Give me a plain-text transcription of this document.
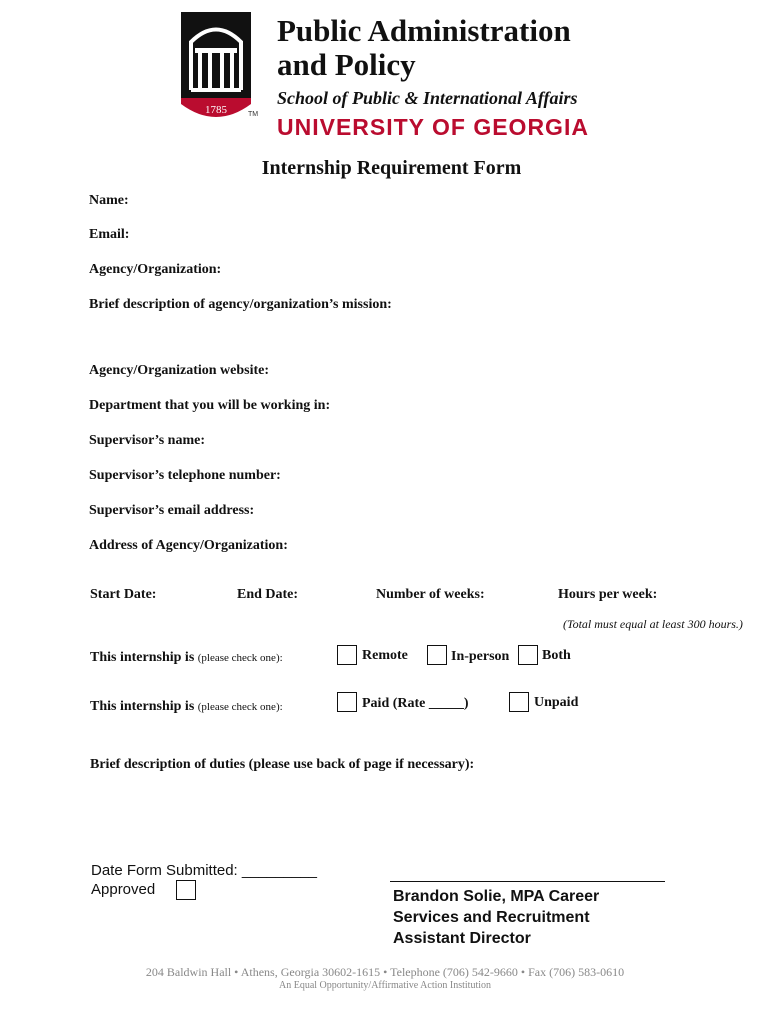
1785	TM
Public Administration
and Policy
School of Public & International Affairs
UNIVERSITY OF GEORGIA
Internship Requirement Form
Name:
Email:
Agency/Organization:
Brief description of agency/organization’s mission:
Agency/Organization website:
Department that you will be working in:
Supervisor’s name:
Supervisor’s telephone number:
Supervisor’s email address:
Address of Agency/Organization:
Start Date:	End Date:	Number of weeks:	Hours per week:
(Total must equal at least 300 hours.)
This internship is (please check one):	Remote	In-person Both
This internship is (please check one):	Paid (Rate _____)	Unpaid
Brief description of duties (please use back of page if necessary):
Date Form Submitted: _________
Approved	Brandon Solie, MPA Career
Services and Recruitment
Assistant Director
204 Baldwin Hall • Athens, Georgia 30602-1615 • Telephone (706) 542-9660 • Fax (706) 583-0610
An Equal Opportunity/Affirmative Action Institution
